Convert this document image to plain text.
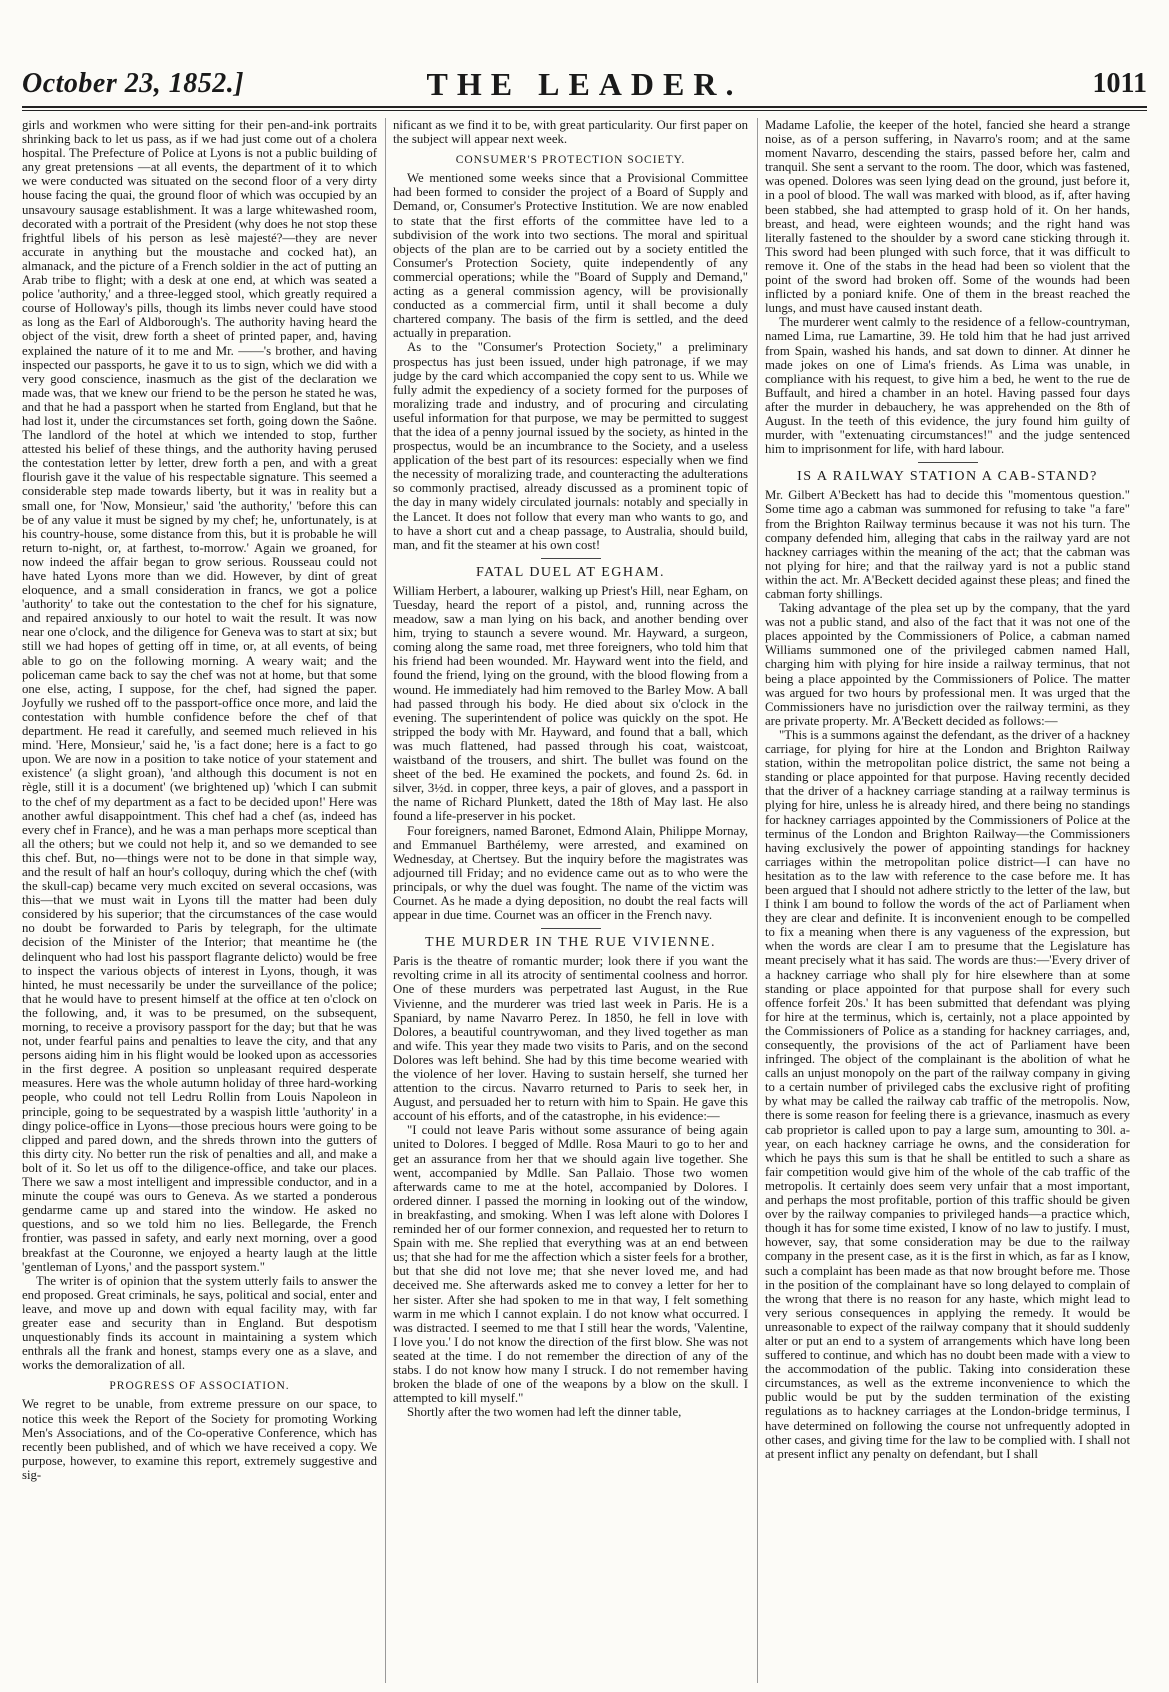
October 23, 1852.]	THE LEADER.	1011

girls and workmen who were sitting for their pen-and-ink portraits shrinking back to let us pass, as if we had just come out of a cholera hospital. The Prefecture of Police at Lyons is not a public building of any great pretensions —at all events, the department of it to which we were conducted was situated on the second floor of a very dirty house facing the quai, the ground floor of which was occupied by an unsavoury sausage establishment. It was a large whitewashed room, decorated with a portrait of the President (why does he not stop these frightful libels of his person as lesè majesté?—they are never accurate in anything but the moustache and cocked hat), an almanack, and the picture of a French soldier in the act of putting an Arab tribe to flight; with a desk at one end, at which was seated a police 'authority,' and a three-legged stool, which greatly required a course of Holloway's pills, though its limbs never could have stood as long as the Earl of Aldborough's. The authority having heard the object of the visit, drew forth a sheet of printed paper, and, having explained the nature of it to me and Mr. ——'s brother, and having inspected our passports, he gave it to us to sign, which we did with a very good conscience, inasmuch as the gist of the declaration we made was, that we knew our friend to be the person he stated he was, and that he had a passport when he started from England, but that he had lost it, under the circumstances set forth, going down the Saône. The landlord of the hotel at which we intended to stop, further attested his belief of these things, and the authority having perused the contestation letter by letter, drew forth a pen, and with a great flourish gave it the value of his respectable signature. This seemed a considerable step made towards liberty, but it was in reality but a small one, for 'Now, Monsieur,' said 'the authority,' 'before this can be of any value it must be signed by my chef; he, unfortunately, is at his country-house, some distance from this, but it is probable he will return to-night, or, at farthest, to-morrow.' Again we groaned, for now indeed the affair began to grow serious. Rousseau could not have hated Lyons more than we did. However, by dint of great eloquence, and a small consideration in francs, we got a police 'authority' to take out the contestation to the chef for his signature, and repaired anxiously to our hotel to wait the result. It was now near one o'clock, and the diligence for Geneva was to start at six; but still we had hopes of getting off in time, or, at all events, of being able to go on the following morning. A weary wait; and the policeman came back to say the chef was not at home, but that some one else, acting, I suppose, for the chef, had signed the paper. Joyfully we rushed off to the passport-office once more, and laid the contestation with humble confidence before the chef of that department. He read it carefully, and seemed much relieved in his mind. 'Here, Monsieur,' said he, 'is a fact done; here is a fact to go upon. We are now in a position to take notice of your statement and existence' (a slight groan), 'and although this document is not en règle, still it is a document' (we brightened up) 'which I can submit to the chef of my department as a fact to be decided upon!' Here was another awful disappointment. This chef had a chef (as, indeed has every chef in France), and he was a man perhaps more sceptical than all the others; but we could not help it, and so we demanded to see this chef. But, no—things were not to be done in that simple way, and the result of half an hour's colloquy, during which the chef (with the skull-cap) became very much excited on several occasions, was this—that we must wait in Lyons till the matter had been duly considered by his superior; that the circumstances of the case would no doubt be forwarded to Paris by telegraph, for the ultimate decision of the Minister of the Interior; that meantime he (the delinquent who had lost his passport flagrante delicto) would be free to inspect the various objects of interest in Lyons, though, it was hinted, he must necessarily be under the surveillance of the police; that he would have to present himself at the office at ten o'clock on the following, and, it was to be presumed, on the subsequent, morning, to receive a provisory passport for the day; but that he was not, under fearful pains and penalties to leave the city, and that any persons aiding him in his flight would be looked upon as accessories in the first degree. A position so unpleasant required desperate measures. Here was the whole autumn holiday of three hard-working people, who could not tell Ledru Rollin from Louis Napoleon in principle, going to be sequestrated by a waspish little 'authority' in a dingy police-office in Lyons—those precious hours were going to be clipped and pared down, and the shreds thrown into the gutters of this dirty city. No better run the risk of penalties and all, and make a bolt of it. So let us off to the diligence-office, and take our places. There we saw a most intelligent and impressible conductor, and in a minute the coupé was ours to Geneva. As we started a ponderous gendarme came up and stared into the window. He asked no questions, and so we told him no lies. Bellegarde, the French frontier, was passed in safety, and early next morning, over a good breakfast at the Couronne, we enjoyed a hearty laugh at the little 'gentleman of Lyons,' and the passport system."

The writer is of opinion that the system utterly fails to answer the end proposed. Great criminals, he says, political and social, enter and leave, and move up and down with equal facility may, with far greater ease and security than in England. But despotism unquestionably finds its account in maintaining a system which enthrals all the frank and honest, stamps every one as a slave, and works the demoralization of all.

PROGRESS OF ASSOCIATION.

We regret to be unable, from extreme pressure on our space, to notice this week the Report of the Society for promoting Working Men's Associations, and of the Co-operative Conference, which has recently been published, and of which we have received a copy. We purpose, however, to examine this report, extremely suggestive and sig-

nificant as we find it to be, with great particularity. Our first paper on the subject will appear next week.

CONSUMER'S PROTECTION SOCIETY.

We mentioned some weeks since that a Provisional Committee had been formed to consider the project of a Board of Supply and Demand, or, Consumer's Protective Institution. We are now enabled to state that the first efforts of the committee have led to a subdivision of the work into two sections. The moral and spiritual objects of the plan are to be carried out by a society entitled the Consumer's Protection Society, quite independently of any commercial operations; while the "Board of Supply and Demand," acting as a general commission agency, will be provisionally conducted as a commercial firm, until it shall become a duly chartered company. The basis of the firm is settled, and the deed actually in preparation.

As to the "Consumer's Protection Society," a preliminary prospectus has just been issued, under high patronage, if we may judge by the card which accompanied the copy sent to us. While we fully admit the expediency of a society formed for the purposes of moralizing trade and industry, and of procuring and circulating useful information for that purpose, we may be permitted to suggest that the idea of a penny journal issued by the society, as hinted in the prospectus, would be an incumbrance to the Society, and a useless application of the best part of its resources: especially when we find the necessity of moralizing trade, and counteracting the adulterations so commonly practised, already discussed as a prominent topic of the day in many widely circulated journals: notably and specially in the Lancet. It does not follow that every man who wants to go, and to have a short cut and a cheap passage, to Australia, should build, man, and fit the steamer at his own cost!

FATAL DUEL AT EGHAM.

William Herbert, a labourer, walking up Priest's Hill, near Egham, on Tuesday, heard the report of a pistol, and, running across the meadow, saw a man lying on his back, and another bending over him, trying to staunch a severe wound. Mr. Hayward, a surgeon, coming along the same road, met three foreigners, who told him that his friend had been wounded. Mr. Hayward went into the field, and found the friend, lying on the ground, with the blood flowing from a wound. He immediately had him removed to the Barley Mow. A ball had passed through his body. He died about six o'clock in the evening. The superintendent of police was quickly on the spot. He stripped the body with Mr. Hayward, and found that a ball, which was much flattened, had passed through his coat, waistcoat, waistband of the trousers, and shirt. The bullet was found on the sheet of the bed. He examined the pockets, and found 2s. 6d. in silver, 3½d. in copper, three keys, a pair of gloves, and a passport in the name of Richard Plunkett, dated the 18th of May last. He also found a life-preserver in his pocket.

Four foreigners, named Baronet, Edmond Alain, Philippe Mornay, and Emmanuel Barthélemy, were arrested, and examined on Wednesday, at Chertsey. But the inquiry before the magistrates was adjourned till Friday; and no evidence came out as to who were the principals, or why the duel was fought. The name of the victim was Cournet. As he made a dying deposition, no doubt the real facts will appear in due time. Cournet was an officer in the French navy.

THE MURDER IN THE RUE VIVIENNE.

Paris is the theatre of romantic murder; look there if you want the revolting crime in all its atrocity of sentimental coolness and horror. One of these murders was perpetrated last August, in the Rue Vivienne, and the murderer was tried last week in Paris. He is a Spaniard, by name Navarro Perez. In 1850, he fell in love with Dolores, a beautiful countrywoman, and they lived together as man and wife. This year they made two visits to Paris, and on the second Dolores was left behind. She had by this time become wearied with the violence of her lover. Having to sustain herself, she turned her attention to the circus. Navarro returned to Paris to seek her, in August, and persuaded her to return with him to Spain. He gave this account of his efforts, and of the catastrophe, in his evidence:—

"I could not leave Paris without some assurance of being again united to Dolores. I begged of Mdlle. Rosa Mauri to go to her and get an assurance from her that we should again live together. She went, accompanied by Mdlle. San Pallaio. Those two women afterwards came to me at the hotel, accompanied by Dolores. I ordered dinner. I passed the morning in looking out of the window, in breakfasting, and smoking. When I was left alone with Dolores I reminded her of our former connexion, and requested her to return to Spain with me. She replied that everything was at an end between us; that she had for me the affection which a sister feels for a brother, but that she did not love me; that she never loved me, and had deceived me. She afterwards asked me to convey a letter for her to her sister. After she had spoken to me in that way, I felt something warm in me which I cannot explain. I do not know what occurred. I was distracted. I seemed to me that I still hear the words, 'Valentine, I love you.' I do not know the direction of the first blow. She was not seated at the time. I do not remember the direction of any of the stabs. I do not know how many I struck. I do not remember having broken the blade of one of the weapons by a blow on the skull. I attempted to kill myself."

Shortly after the two women had left the dinner table,

Madame Lafolie, the keeper of the hotel, fancied she heard a strange noise, as of a person suffering, in Navarro's room; and at the same moment Navarro, descending the stairs, passed before her, calm and tranquil. She sent a servant to the room. The door, which was fastened, was opened. Dolores was seen lying dead on the ground, just before it, in a pool of blood. The wall was marked with blood, as if, after having been stabbed, she had attempted to grasp hold of it. On her hands, breast, and head, were eighteen wounds; and the right hand was literally fastened to the shoulder by a sword cane sticking through it. This sword had been plunged with such force, that it was difficult to remove it. One of the stabs in the head had been so violent that the point of the sword had broken off. Some of the wounds had been inflicted by a poniard knife. One of them in the breast reached the lungs, and must have caused instant death.

The murderer went calmly to the residence of a fellow-countryman, named Lima, rue Lamartine, 39. He told him that he had just arrived from Spain, washed his hands, and sat down to dinner. At dinner he made jokes on one of Lima's friends. As Lima was unable, in compliance with his request, to give him a bed, he went to the rue de Buffault, and hired a chamber in an hotel. Having passed four days after the murder in debauchery, he was apprehended on the 8th of August. In the teeth of this evidence, the jury found him guilty of murder, with "extenuating circumstances!" and the judge sentenced him to imprisonment for life, with hard labour.

IS A RAILWAY STATION A CAB-STAND?

Mr. Gilbert A'Beckett has had to decide this "momentous question." Some time ago a cabman was summoned for refusing to take "a fare" from the Brighton Railway terminus because it was not his turn. The company defended him, alleging that cabs in the railway yard are not hackney carriages within the meaning of the act; that the cabman was not plying for hire; and that the railway yard is not a public stand within the act. Mr. A'Beckett decided against these pleas; and fined the cabman forty shillings.

Taking advantage of the plea set up by the company, that the yard was not a public stand, and also of the fact that it was not one of the places appointed by the Commissioners of Police, a cabman named Williams summoned one of the privileged cabmen named Hall, charging him with plying for hire inside a railway terminus, that not being a place appointed by the Commissioners of Police. The matter was argued for two hours by professional men. It was urged that the Commissioners have no jurisdiction over the railway termini, as they are private property. Mr. A'Beckett decided as follows:—

"This is a summons against the defendant, as the driver of a hackney carriage, for plying for hire at the London and Brighton Railway station, within the metropolitan police district, the same not being a standing or place appointed for that purpose. Having recently decided that the driver of a hackney carriage standing at a railway terminus is plying for hire, unless he is already hired, and there being no standings for hackney carriages appointed by the Commissioners of Police at the terminus of the London and Brighton Railway—the Commissioners having exclusively the power of appointing standings for hackney carriages within the metropolitan police district—I can have no hesitation as to the law with reference to the case before me. It has been argued that I should not adhere strictly to the letter of the law, but I think I am bound to follow the words of the act of Parliament when they are clear and definite. It is inconvenient enough to be compelled to fix a meaning when there is any vagueness of the expression, but when the words are clear I am to presume that the Legislature has meant precisely what it has said. The words are thus:—'Every driver of a hackney carriage who shall ply for hire elsewhere than at some standing or place appointed for that purpose shall for every such offence forfeit 20s.' It has been submitted that defendant was plying for hire at the terminus, which is, certainly, not a place appointed by the Commissioners of Police as a standing for hackney carriages, and, consequently, the provisions of the act of Parliament have been infringed. The object of the complainant is the abolition of what he calls an unjust monopoly on the part of the railway company in giving to a certain number of privileged cabs the exclusive right of profiting by what may be called the railway cab traffic of the metropolis. Now, there is some reason for feeling there is a grievance, inasmuch as every cab proprietor is called upon to pay a large sum, amounting to 30l. a-year, on each hackney carriage he owns, and the consideration for which he pays this sum is that he shall be entitled to such a share as fair competition would give him of the whole of the cab traffic of the metropolis. It certainly does seem very unfair that a most important, and perhaps the most profitable, portion of this traffic should be given over by the railway companies to privileged hands—a practice which, though it has for some time existed, I know of no law to justify. I must, however, say, that some consideration may be due to the railway company in the present case, as it is the first in which, as far as I know, such a complaint has been made as that now brought before me. Those in the position of the complainant have so long delayed to complain of the wrong that there is no reason for any haste, which might lead to very serious consequences in applying the remedy. It would be unreasonable to expect of the railway company that it should suddenly alter or put an end to a system of arrangements which have long been suffered to continue, and which has no doubt been made with a view to the accommodation of the public. Taking into consideration these circumstances, as well as the extreme inconvenience to which the public would be put by the sudden termination of the existing regulations as to hackney carriages at the London-bridge terminus, I have determined on following the course not unfrequently adopted in other cases, and giving time for the law to be complied with. I shall not at present inflict any penalty on defendant, but I shall
